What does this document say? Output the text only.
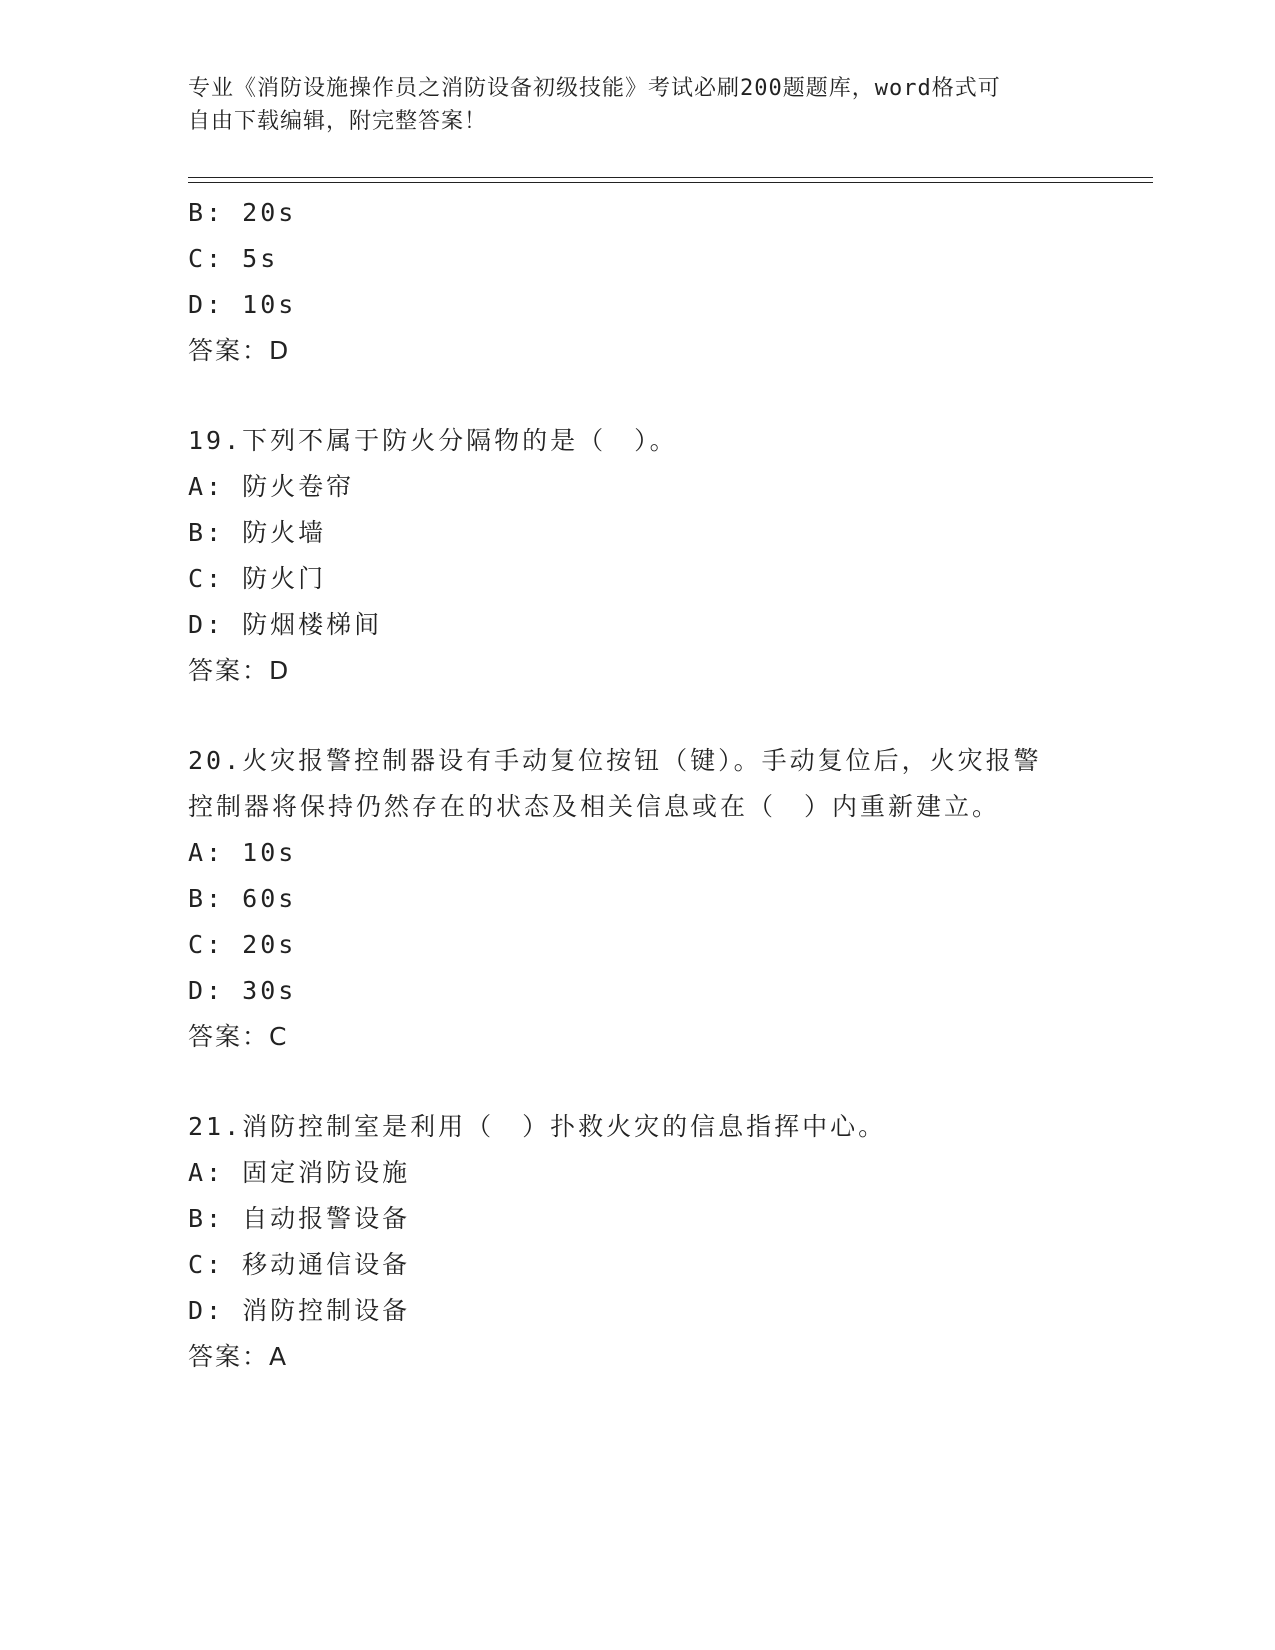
专业《消防设施操作员之消防设备初级技能》考试必刷200题题库，word格式可
自由下载编辑，附完整答案！
B: 20s
C: 5s
D: 10s
答案：D
19.下列不属于防火分隔物的是（　）。
A: 防火卷帘
B: 防火墙
C: 防火门
D: 防烟楼梯间
答案：D
20.火灾报警控制器设有手动复位按钮（键）。手动复位后，火灾报警
控制器将保持仍然存在的状态及相关信息或在（　）内重新建立。
A: 10s
B: 60s
C: 20s
D: 30s
答案：C
21.消防控制室是利用（　）扑救火灾的信息指挥中心。
A: 固定消防设施
B: 自动报警设备
C: 移动通信设备
D: 消防控制设备
答案：A
